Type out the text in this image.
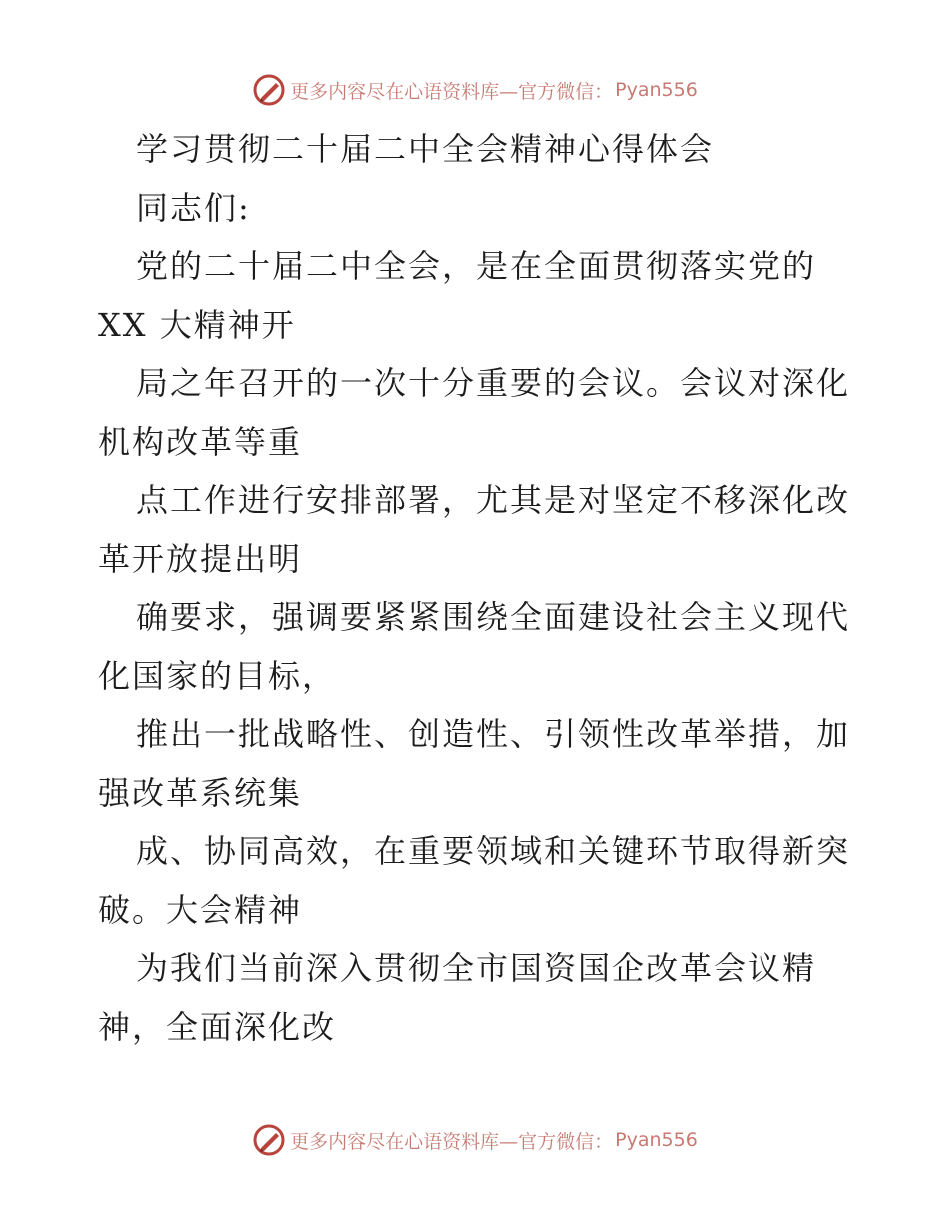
更多内容尽在心语资料库—官方微信： Pyan556
学习贯彻二十届二中全会精神心得体会
同志们:
党的二十届二中全会，是在全面贯彻落实党的
XX 大精神开
局之年召开的一次十分重要的会议。会议对深化
机构改革等重
点工作进行安排部署，尤其是对坚定不移深化改
革开放提出明
确要求，强调要紧紧围绕全面建设社会主义现代
化国家的目标，
推出一批战略性、创造性、引领性改革举措，加
强改革系统集
成、协同高效，在重要领域和关键环节取得新突
破。大会精神
为我们当前深入贯彻全市国资国企改革会议精
神，全面深化改
更多内容尽在心语资料库—官方微信： Pyan556
